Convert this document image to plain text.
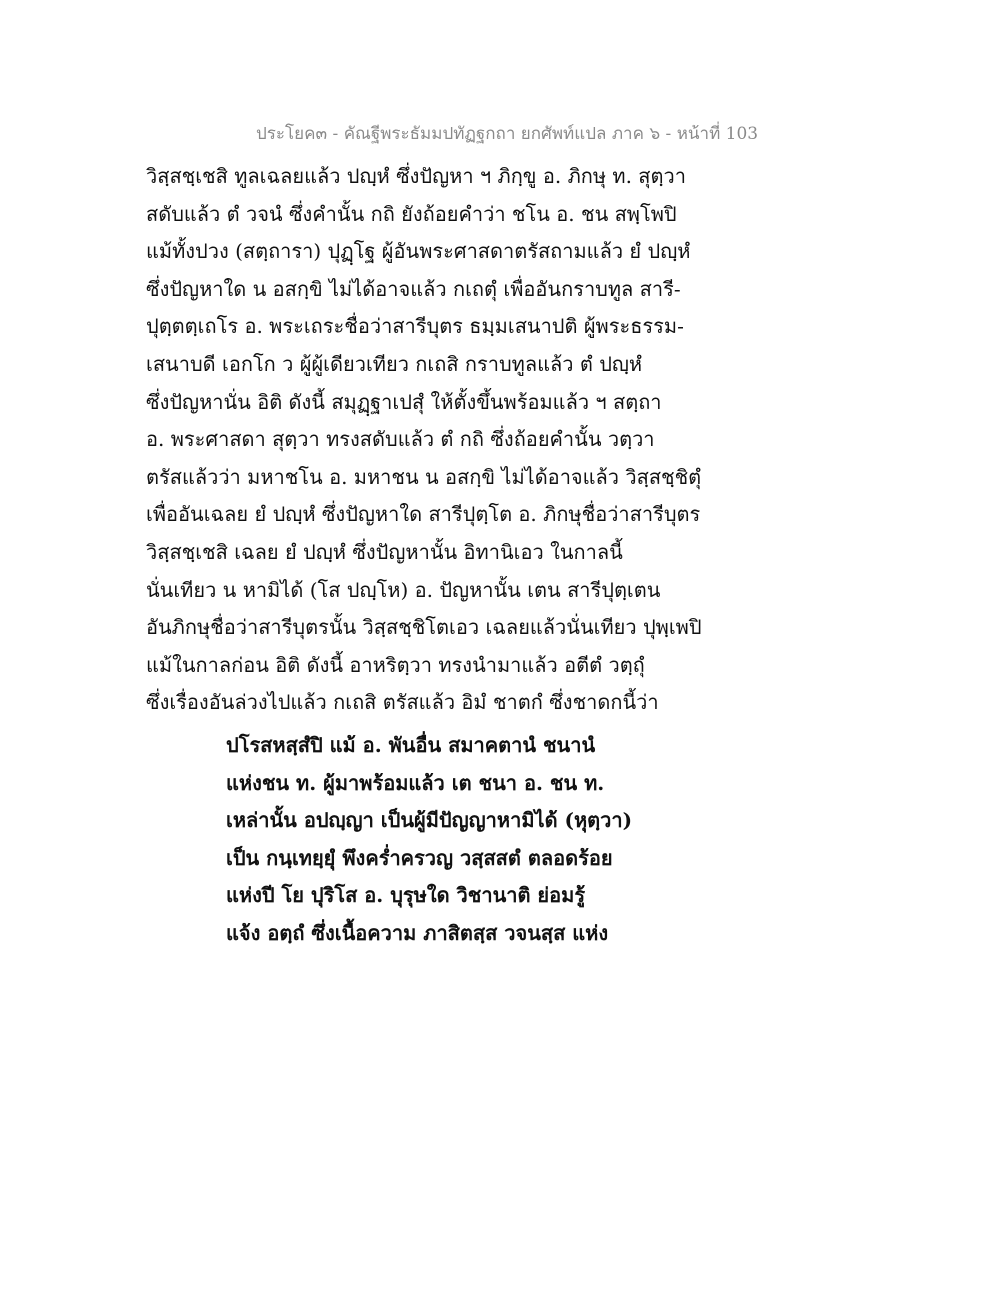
ประโยค๓ - คัณฐีพระธัมมปทัฏฐกถา ยกศัพท์แปล ภาค ๖ - หน้าที่ 103
วิสฺสชฺเชสิ ทูลเฉลยแล้ว ปญฺหํ ซึ่งปัญหา ฯ ภิกฺขู อ. ภิกษุ ท. สุตฺวา
สดับแล้ว ตํ วจนํ ซึ่งคำนั้น กถิ ยังถ้อยคำว่า ชโน อ. ชน สพฺโพปิ
แม้ทั้งปวง (สตฺถารา) ปุฏฺโฐ ผู้อันพระศาสดาตรัสถามแล้ว ยํ ปญฺหํ
ซึ่งปัญหาใด น อสกฺขิ ไม่ได้อาจแล้ว กเถตุํ เพื่ออันกราบทูล สารี-
ปุตฺตตฺเถโร อ. พระเถระชื่อว่าสารีบุตร ธมฺมเสนาปติ ผู้พระธรรม-
เสนาบดี เอกโก ว ผู้ผู้เดียวเทียว กเถสิ กราบทูลแล้ว ตํ ปญฺหํ
ซึ่งปัญหานั่น อิติ ดังนี้ สมุฏฺฐาเปสุํ ให้ตั้งขึ้นพร้อมแล้ว ฯ สตฺถา
อ. พระศาสดา สุตฺวา ทรงสดับแล้ว ตํ กถิ ซึ่งถ้อยคำนั้น วตฺวา
ตรัสแล้วว่า มหาชโน อ. มหาชน น อสกฺขิ ไม่ได้อาจแล้ว วิสฺสชฺชิตุํ
เพื่ออันเฉลย ยํ ปญฺหํ ซึ่งปัญหาใด สารีปุตฺโต อ. ภิกษุชื่อว่าสารีบุตร
วิสฺสชฺเชสิ เฉลย ยํ ปญฺหํ ซึ่งปัญหานั้น อิทานิเอว ในกาลนี้
นั่นเทียว น หามิได้ (โส ปญฺโห) อ. ปัญหานั้น เตน สารีปุตฺเตน
อันภิกษุชื่อว่าสารีบุตรนั้น วิสฺสชฺชิโตเอว เฉลยแล้วนั่นเทียว ปุพฺเพปิ
แม้ในกาลก่อน อิติ ดังนี้ อาหริตฺวา ทรงนำมาแล้ว อตีตํ วตฺถุํ
ซึ่งเรื่องอันล่วงไปแล้ว กเถสิ ตรัสแล้ว อิมํ ชาตกํ ซึ่งชาดกนี้ว่า
ปโรสหสฺสํปิ แม้ อ. พันอื่น สมาคตานํ ชนานํ
แห่งชน ท. ผู้มาพร้อมแล้ว เต ชนา อ. ชน ท.
เหล่านั้น อปญฺญา เป็นผู้มีปัญญาหามิได้ (หุตฺวา)
เป็น กนฺเทยฺยุํ พึงคร่ำครวญ วสฺสสตํ ตลอดร้อย
แห่งปี โย ปุริโส อ. บุรุษใด วิชานาติ ย่อมรู้
แจ้ง อตฺถํ ซึ่งเนื้อความ ภาสิตสฺส วจนสฺส แห่ง
